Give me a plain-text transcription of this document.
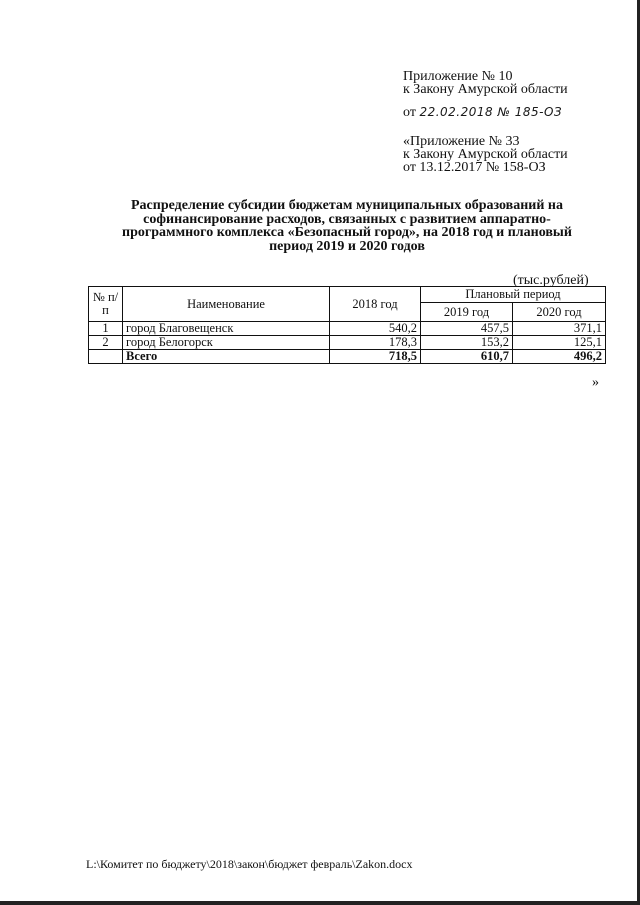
Приложение № 10
к Закону Амурской области
от 22.02.2018 № 185-ОЗ
«Приложение № 33
к Закону Амурской области
от 13.12.2017 № 158-ОЗ
Распределение субсидии бюджетам муниципальных образований на
софинансирование расходов, связанных с развитием аппаратно-
программного комплекса «Безопасный город», на 2018 год и плановый
период 2019 и 2020 годов
(тыс.рублей)
№ п/п	Наименование	2018 год	Плановый период	
			2019 год	2020 год
1	город Благовещенск	540,2	457,5	371,1
2	город Белогорск	178,3	153,2	125,1
	Всего	718,5	610,7	496,2
»
L:\Комитет по бюджету\2018\закон\бюджет февраль\Zakon.docx
